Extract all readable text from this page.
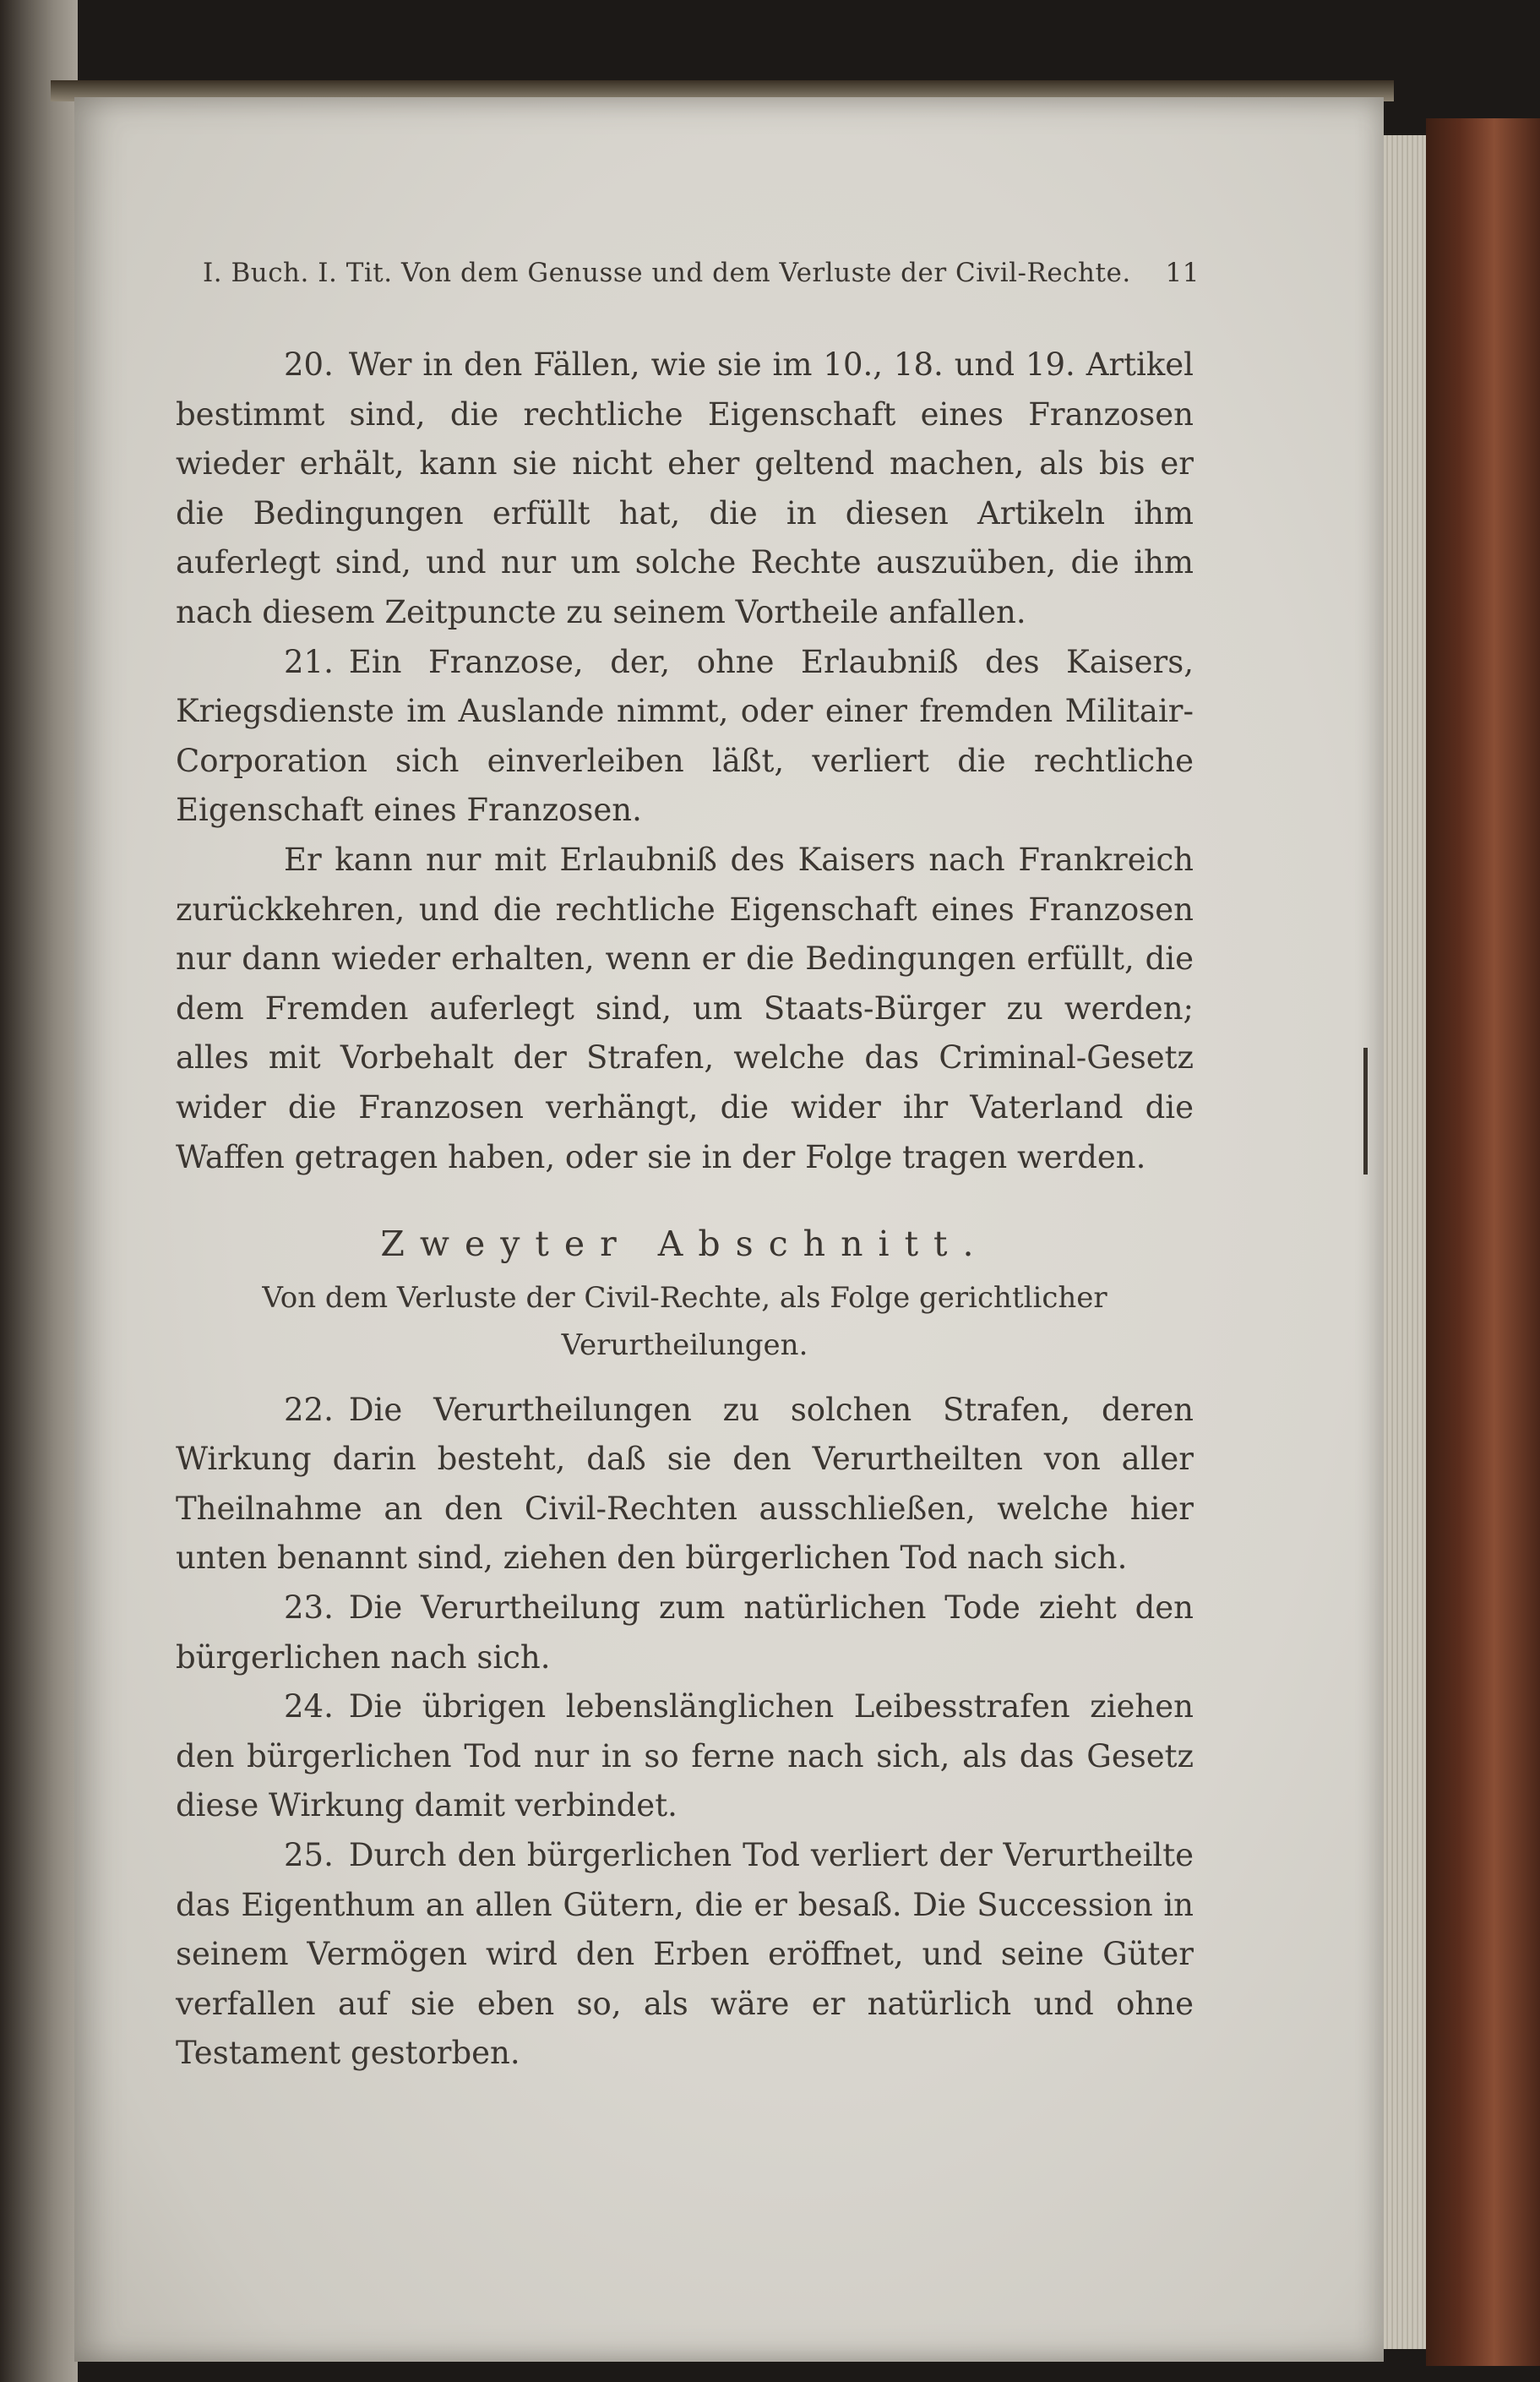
I. Buch. I. Tit. Von dem Genusse und dem Verluste der Civil-Rechte. 11

20. Wer in den Fällen, wie sie im 10., 18. und 19. Artikel bestimmt sind, die rechtliche Eigenschaft eines Franzosen wieder erhält, kann sie nicht eher geltend machen, als bis er die Bedingungen erfüllt hat, die in diesen Artikeln ihm auferlegt sind, und nur um solche Rechte auszuüben, die ihm nach diesem Zeitpuncte zu seinem Vortheile anfallen.

21. Ein Franzose, der, ohne Erlaubniß des Kaisers, Kriegsdienste im Auslande nimmt, oder einer fremden Militair-Corporation sich einverleiben läßt, verliert die rechtliche Eigenschaft eines Franzosen.

Er kann nur mit Erlaubniß des Kaisers nach Frankreich zurückkehren, und die rechtliche Eigenschaft eines Franzosen nur dann wieder erhalten, wenn er die Bedingungen erfüllt, die dem Fremden auferlegt sind, um Staats-Bürger zu werden; alles mit Vorbehalt der Strafen, welche das Criminal-Gesetz wider die Franzosen verhängt, die wider ihr Vaterland die Waffen getragen haben, oder sie in der Folge tragen werden.

Zweyter Abschnitt.
Von dem Verluste der Civil-Rechte, als Folge gerichtlicher Verurtheilungen.

22. Die Verurtheilungen zu solchen Strafen, deren Wirkung darin besteht, daß sie den Verurtheilten von aller Theilnahme an den Civil-Rechten ausschließen, welche hier unten benannt sind, ziehen den bürgerlichen Tod nach sich.

23. Die Verurtheilung zum natürlichen Tode zieht den bürgerlichen nach sich.

24. Die übrigen lebenslänglichen Leibesstrafen ziehen den bürgerlichen Tod nur in so ferne nach sich, als das Gesetz diese Wirkung damit verbindet.

25. Durch den bürgerlichen Tod verliert der Verurtheilte das Eigenthum an allen Gütern, die er besaß. Die Succession in seinem Vermögen wird den Erben eröffnet, und seine Güter verfallen auf sie eben so, als wäre er natürlich und ohne Testament gestorben.
